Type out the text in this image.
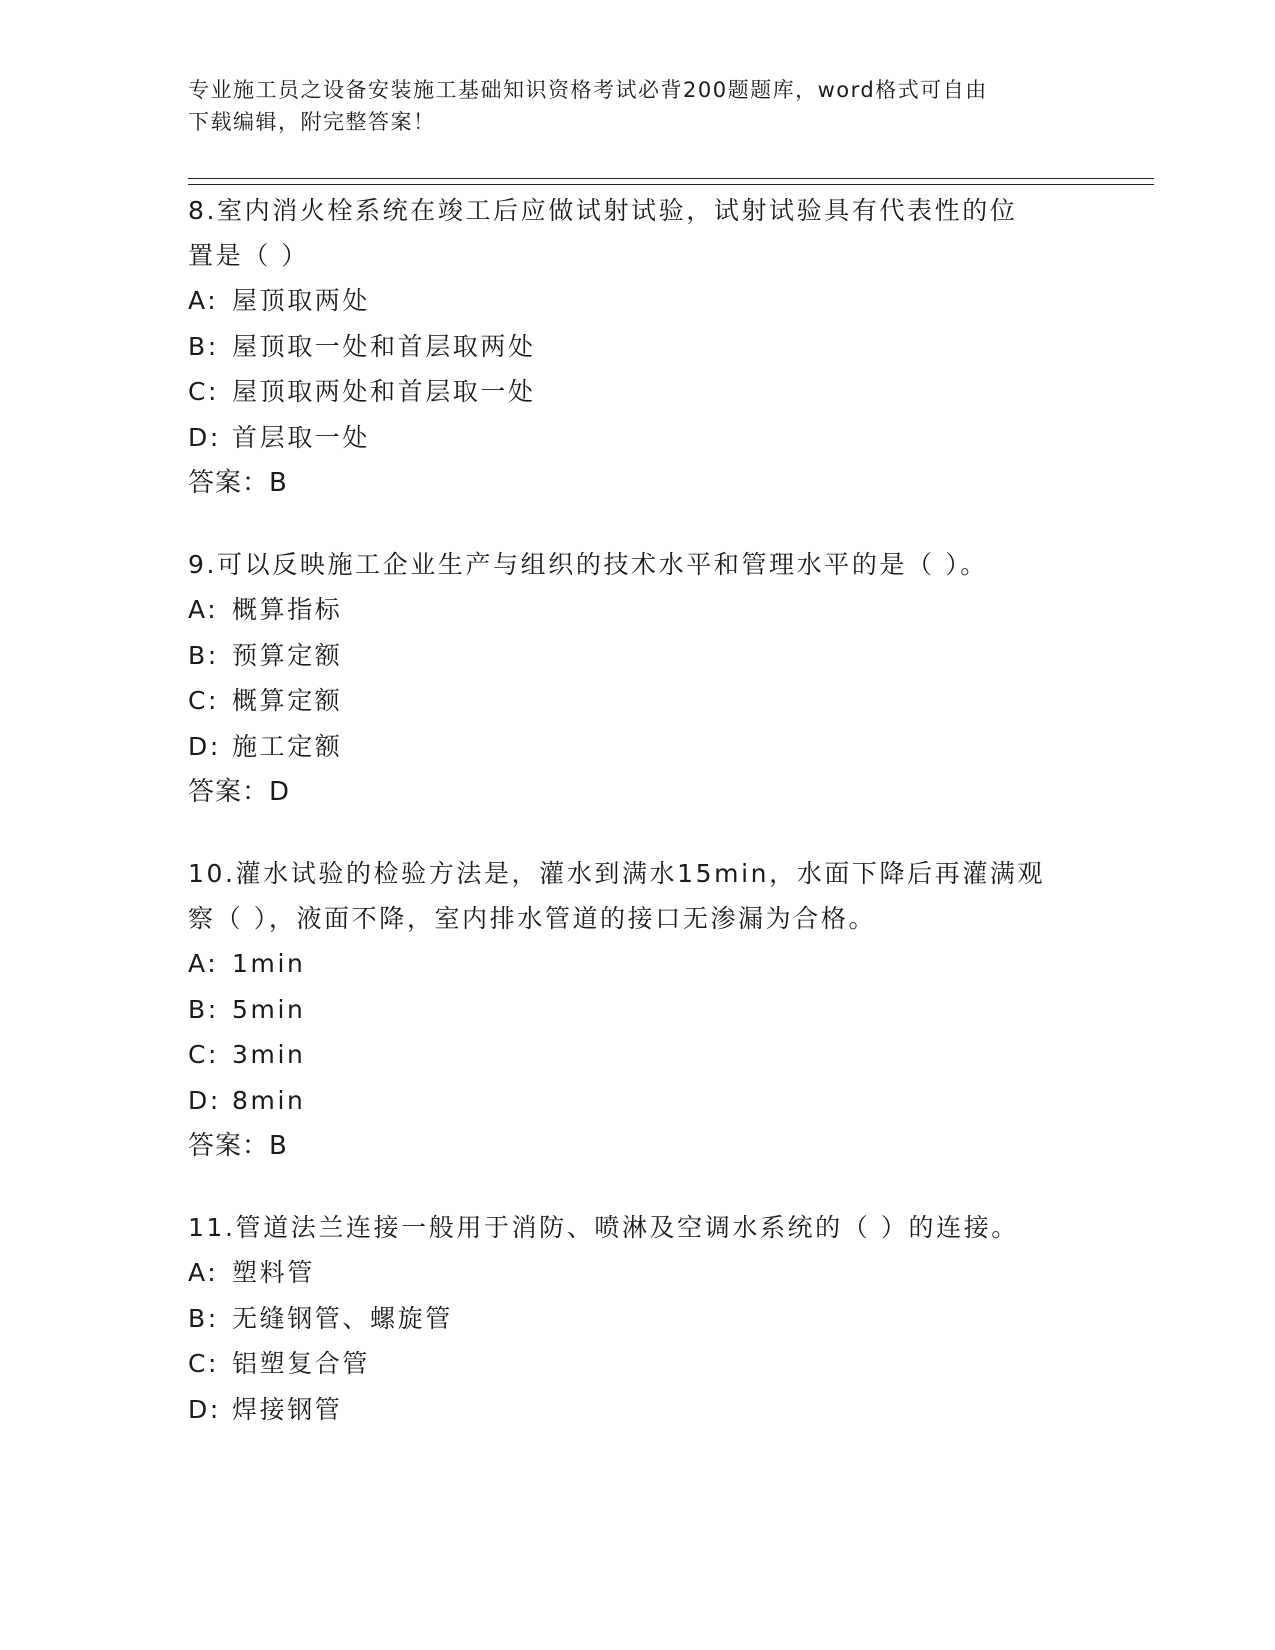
专业施工员之设备安装施工基础知识资格考试必背200题题库，word格式可自由
下载编辑，附完整答案！
8.室内消火栓系统在竣工后应做试射试验，试射试验具有代表性的位
置是（ ）
A: 屋顶取两处
B: 屋顶取一处和首层取两处
C: 屋顶取两处和首层取一处
D: 首层取一处
答案：B
9.可以反映施工企业生产与组织的技术水平和管理水平的是（ ）。
A: 概算指标
B: 预算定额
C: 概算定额
D: 施工定额
答案：D
10.灌水试验的检验方法是，灌水到满水15min，水面下降后再灌满观
察（ ），液面不降，室内排水管道的接口无渗漏为合格。
A: 1min
B: 5min
C: 3min
D: 8min
答案：B
11.管道法兰连接一般用于消防、喷淋及空调水系统的（ ）的连接。
A: 塑料管
B: 无缝钢管、螺旋管
C: 铝塑复合管
D: 焊接钢管
